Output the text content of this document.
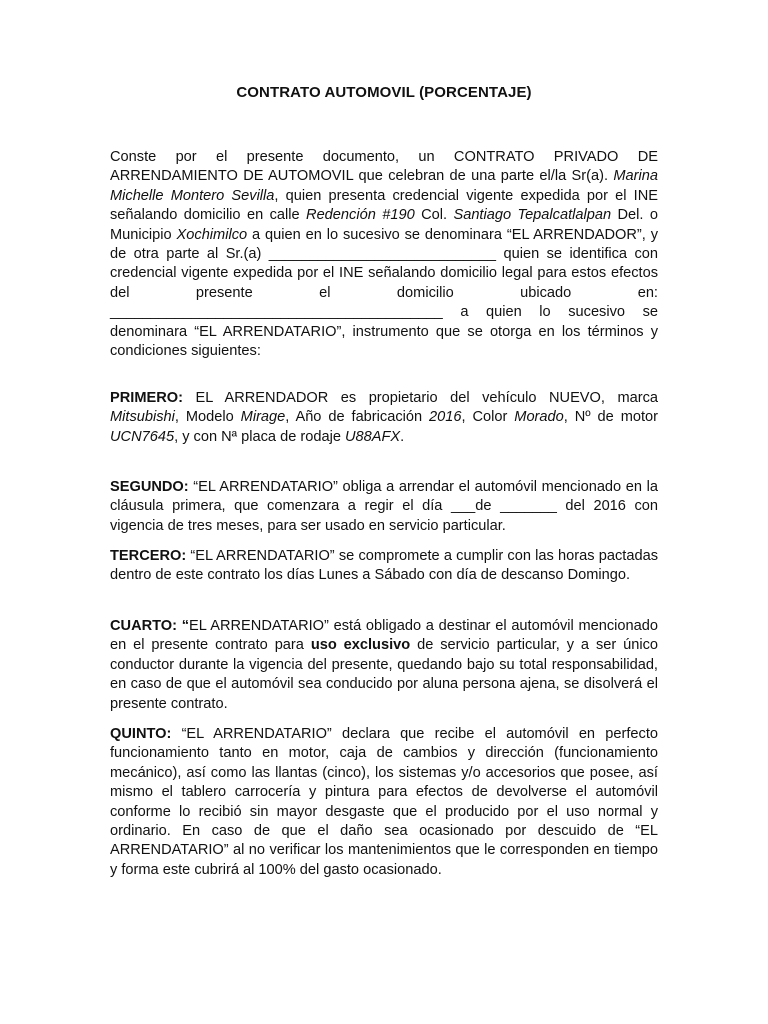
CONTRATO AUTOMOVIL (PORCENTAJE)

Conste por el presente documento, un CONTRATO PRIVADO DE ARRENDAMIENTO DE AUTOMOVIL que celebran de una parte el/la Sr(a). Marina Michelle Montero Sevilla, quien presenta credencial vigente expedida por el INE señalando domicilio en calle Redención #190 Col. Santiago Tepalcatlalpan Del. o Municipio Xochimilco a quien en lo sucesivo se denominara “EL ARRENDADOR”, y de otra parte al Sr.(a) ____________________________ quien se identifica con credencial vigente expedida por el INE señalando domicilio legal para estos efectos del presente el domicilio ubicado en: _________________________________________ a quien lo sucesivo se denominara “EL ARRENDATARIO”, instrumento que se otorga en los términos y condiciones siguientes:

PRIMERO: EL ARRENDADOR es propietario del vehículo NUEVO, marca Mitsubishi, Modelo Mirage, Año de fabricación 2016, Color Morado, Nº de motor UCN7645, y con Nª placa de rodaje U88AFX.

SEGUNDO: “EL ARRENDATARIO” obliga a arrendar el automóvil mencionado en la cláusula primera, que comenzara a regir el día ___de _______ del 2016 con vigencia de tres meses, para ser usado en servicio particular.

TERCERO: “EL ARRENDATARIO” se compromete a cumplir con las horas pactadas dentro de este contrato los días Lunes a Sábado con día de descanso Domingo.

CUARTO: “EL ARRENDATARIO” está obligado a destinar el automóvil mencionado en el presente contrato para uso exclusivo de servicio particular, y a ser único conductor durante la vigencia del presente, quedando bajo su total responsabilidad, en caso de que el automóvil sea conducido por aluna persona ajena, se disolverá el presente contrato.

QUINTO: “EL ARRENDATARIO” declara que recibe el automóvil en perfecto funcionamiento tanto en motor, caja de cambios y dirección (funcionamiento mecánico), así como las llantas (cinco), los sistemas y/o accesorios que posee, así mismo el tablero carrocería y pintura para efectos de devolverse el automóvil conforme lo recibió sin mayor desgaste que el producido por el uso normal y ordinario. En caso de que el daño sea ocasionado por descuido de “EL ARRENDATARIO” al no verificar los mantenimientos que le corresponden en tiempo y forma este cubrirá al 100% del gasto ocasionado.
